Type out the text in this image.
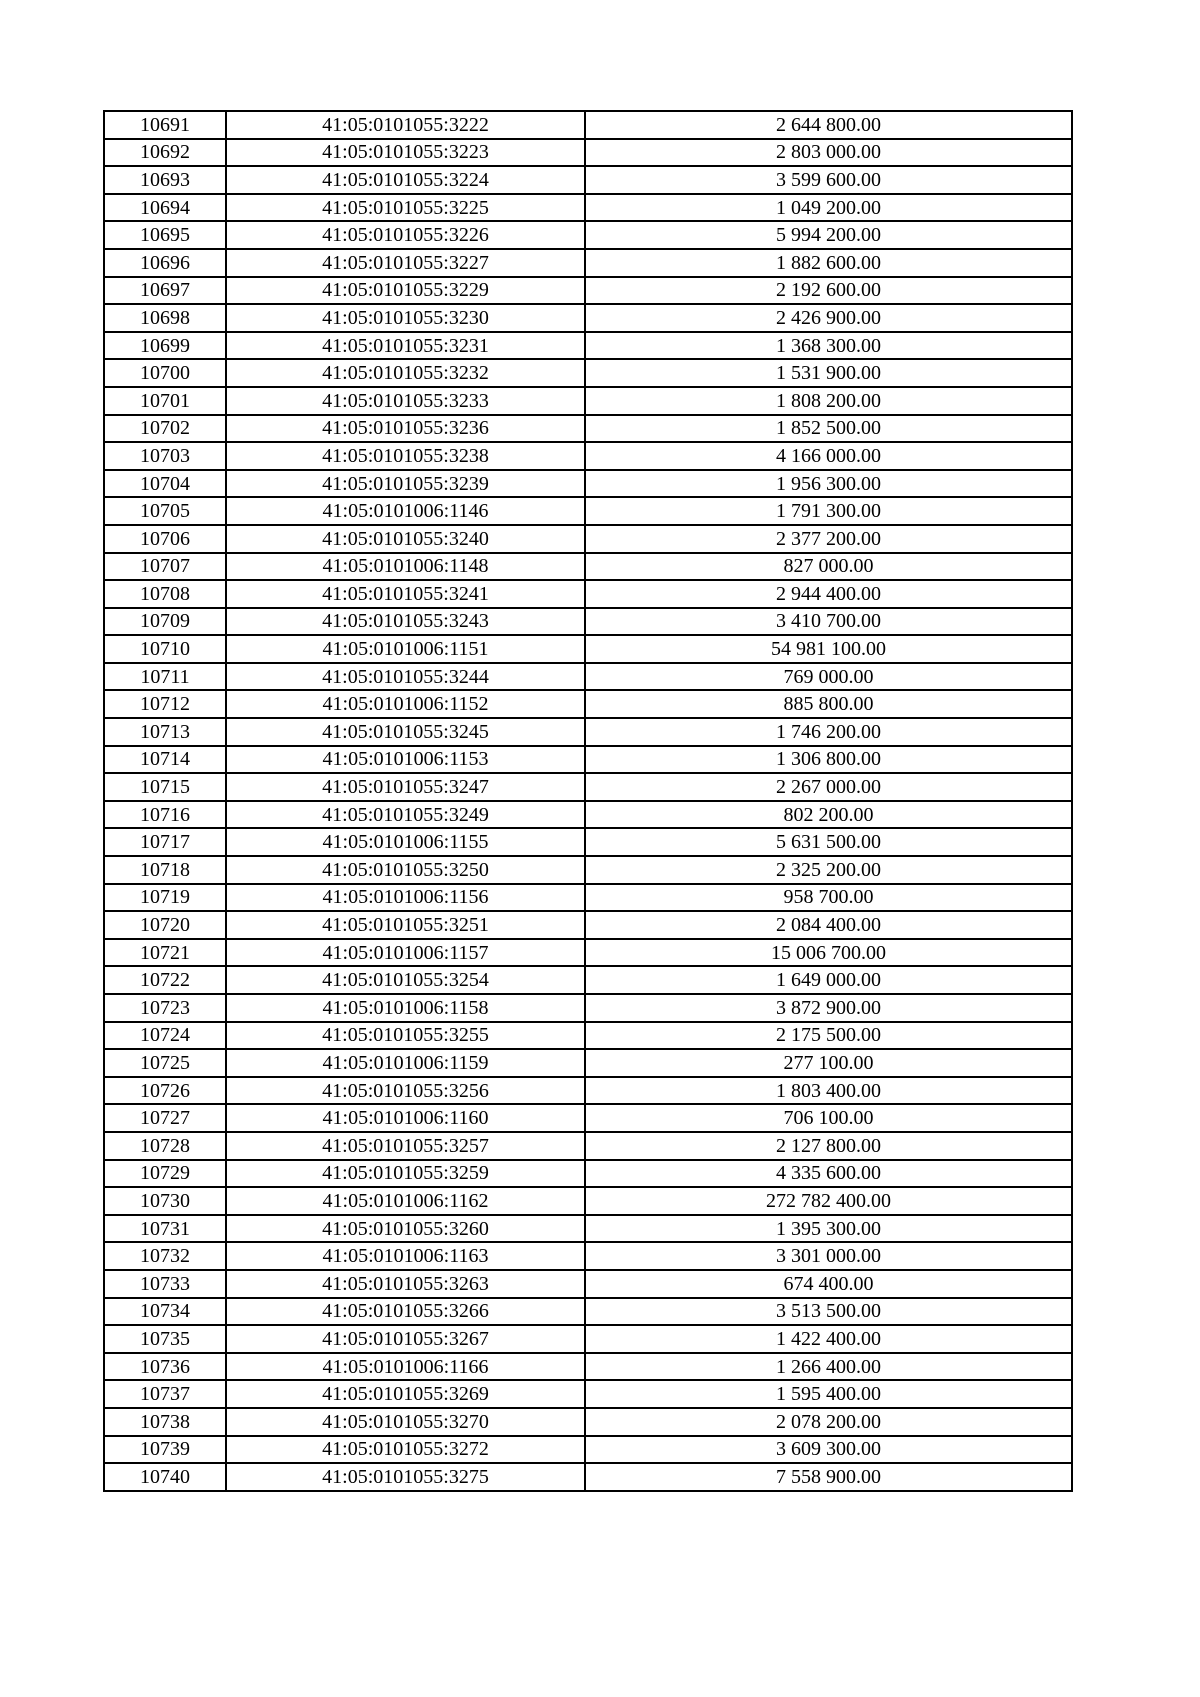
10691	41:05:0101055:3222	2 644 800.00
10692	41:05:0101055:3223	2 803 000.00
10693	41:05:0101055:3224	3 599 600.00
10694	41:05:0101055:3225	1 049 200.00
10695	41:05:0101055:3226	5 994 200.00
10696	41:05:0101055:3227	1 882 600.00
10697	41:05:0101055:3229	2 192 600.00
10698	41:05:0101055:3230	2 426 900.00
10699	41:05:0101055:3231	1 368 300.00
10700	41:05:0101055:3232	1 531 900.00
10701	41:05:0101055:3233	1 808 200.00
10702	41:05:0101055:3236	1 852 500.00
10703	41:05:0101055:3238	4 166 000.00
10704	41:05:0101055:3239	1 956 300.00
10705	41:05:0101006:1146	1 791 300.00
10706	41:05:0101055:3240	2 377 200.00
10707	41:05:0101006:1148	827 000.00
10708	41:05:0101055:3241	2 944 400.00
10709	41:05:0101055:3243	3 410 700.00
10710	41:05:0101006:1151	54 981 100.00
10711	41:05:0101055:3244	769 000.00
10712	41:05:0101006:1152	885 800.00
10713	41:05:0101055:3245	1 746 200.00
10714	41:05:0101006:1153	1 306 800.00
10715	41:05:0101055:3247	2 267 000.00
10716	41:05:0101055:3249	802 200.00
10717	41:05:0101006:1155	5 631 500.00
10718	41:05:0101055:3250	2 325 200.00
10719	41:05:0101006:1156	958 700.00
10720	41:05:0101055:3251	2 084 400.00
10721	41:05:0101006:1157	15 006 700.00
10722	41:05:0101055:3254	1 649 000.00
10723	41:05:0101006:1158	3 872 900.00
10724	41:05:0101055:3255	2 175 500.00
10725	41:05:0101006:1159	277 100.00
10726	41:05:0101055:3256	1 803 400.00
10727	41:05:0101006:1160	706 100.00
10728	41:05:0101055:3257	2 127 800.00
10729	41:05:0101055:3259	4 335 600.00
10730	41:05:0101006:1162	272 782 400.00
10731	41:05:0101055:3260	1 395 300.00
10732	41:05:0101006:1163	3 301 000.00
10733	41:05:0101055:3263	674 400.00
10734	41:05:0101055:3266	3 513 500.00
10735	41:05:0101055:3267	1 422 400.00
10736	41:05:0101006:1166	1 266 400.00
10737	41:05:0101055:3269	1 595 400.00
10738	41:05:0101055:3270	2 078 200.00
10739	41:05:0101055:3272	3 609 300.00
10740	41:05:0101055:3275	7 558 900.00
